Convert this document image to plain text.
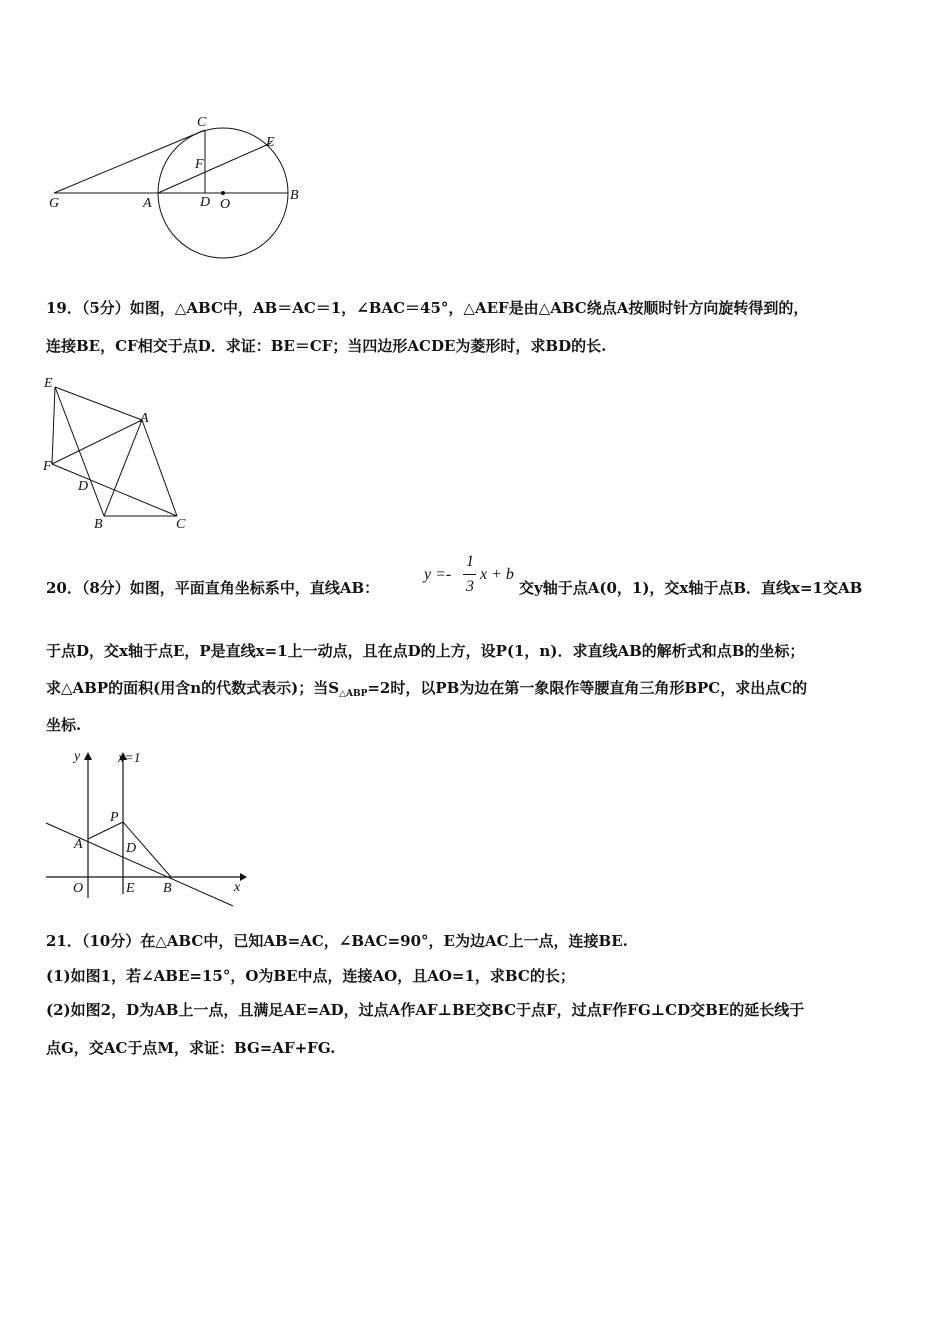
C
E
F
G	A	D O
B
19．（5分）如图，△ABC中，AB＝AC＝1，∠BAC＝45°，△AEF是由△ABC绕点A按顺时针方向旋转得到的，
连接BE，CF相交于点D．求证：BE＝CF；当四边形ACDE为菱形时，求BD的长.
E
A
F
D
B	C
20．（8分）如图，平面直角坐标系中，直线AB：
y =-
1
3
x + b
交y轴于点A(0，1)，交x轴于点B．直线x=1交AB
于点D，交x轴于点E，P是直线x=1上一动点，且在点D的上方，设P(1，n)．求直线AB的解析式和点B的坐标；
求△ABP的面积(用含n的代数式表示)；当$S_{\triangle ABP}=2$时，以PB为边在第一象限作等腰直角三角形BPC，求出点C的
坐标.
y	x=1
P
A	D
O	E B	x
21．（10分）在△ABC中，已知AB=AC，∠BAC=90°，E为边AC上一点，连接BE.
(1)如图1，若∠ABE=15°，O为BE中点，连接AO，且AO=1，求BC的长；
(2)如图2，D为AB上一点，且满足AE=AD，过点A作AF⊥BE交BC于点F，过点F作FG⊥CD交BE的延长线于
点G，交AC于点M，求证：BG=AF+FG.
